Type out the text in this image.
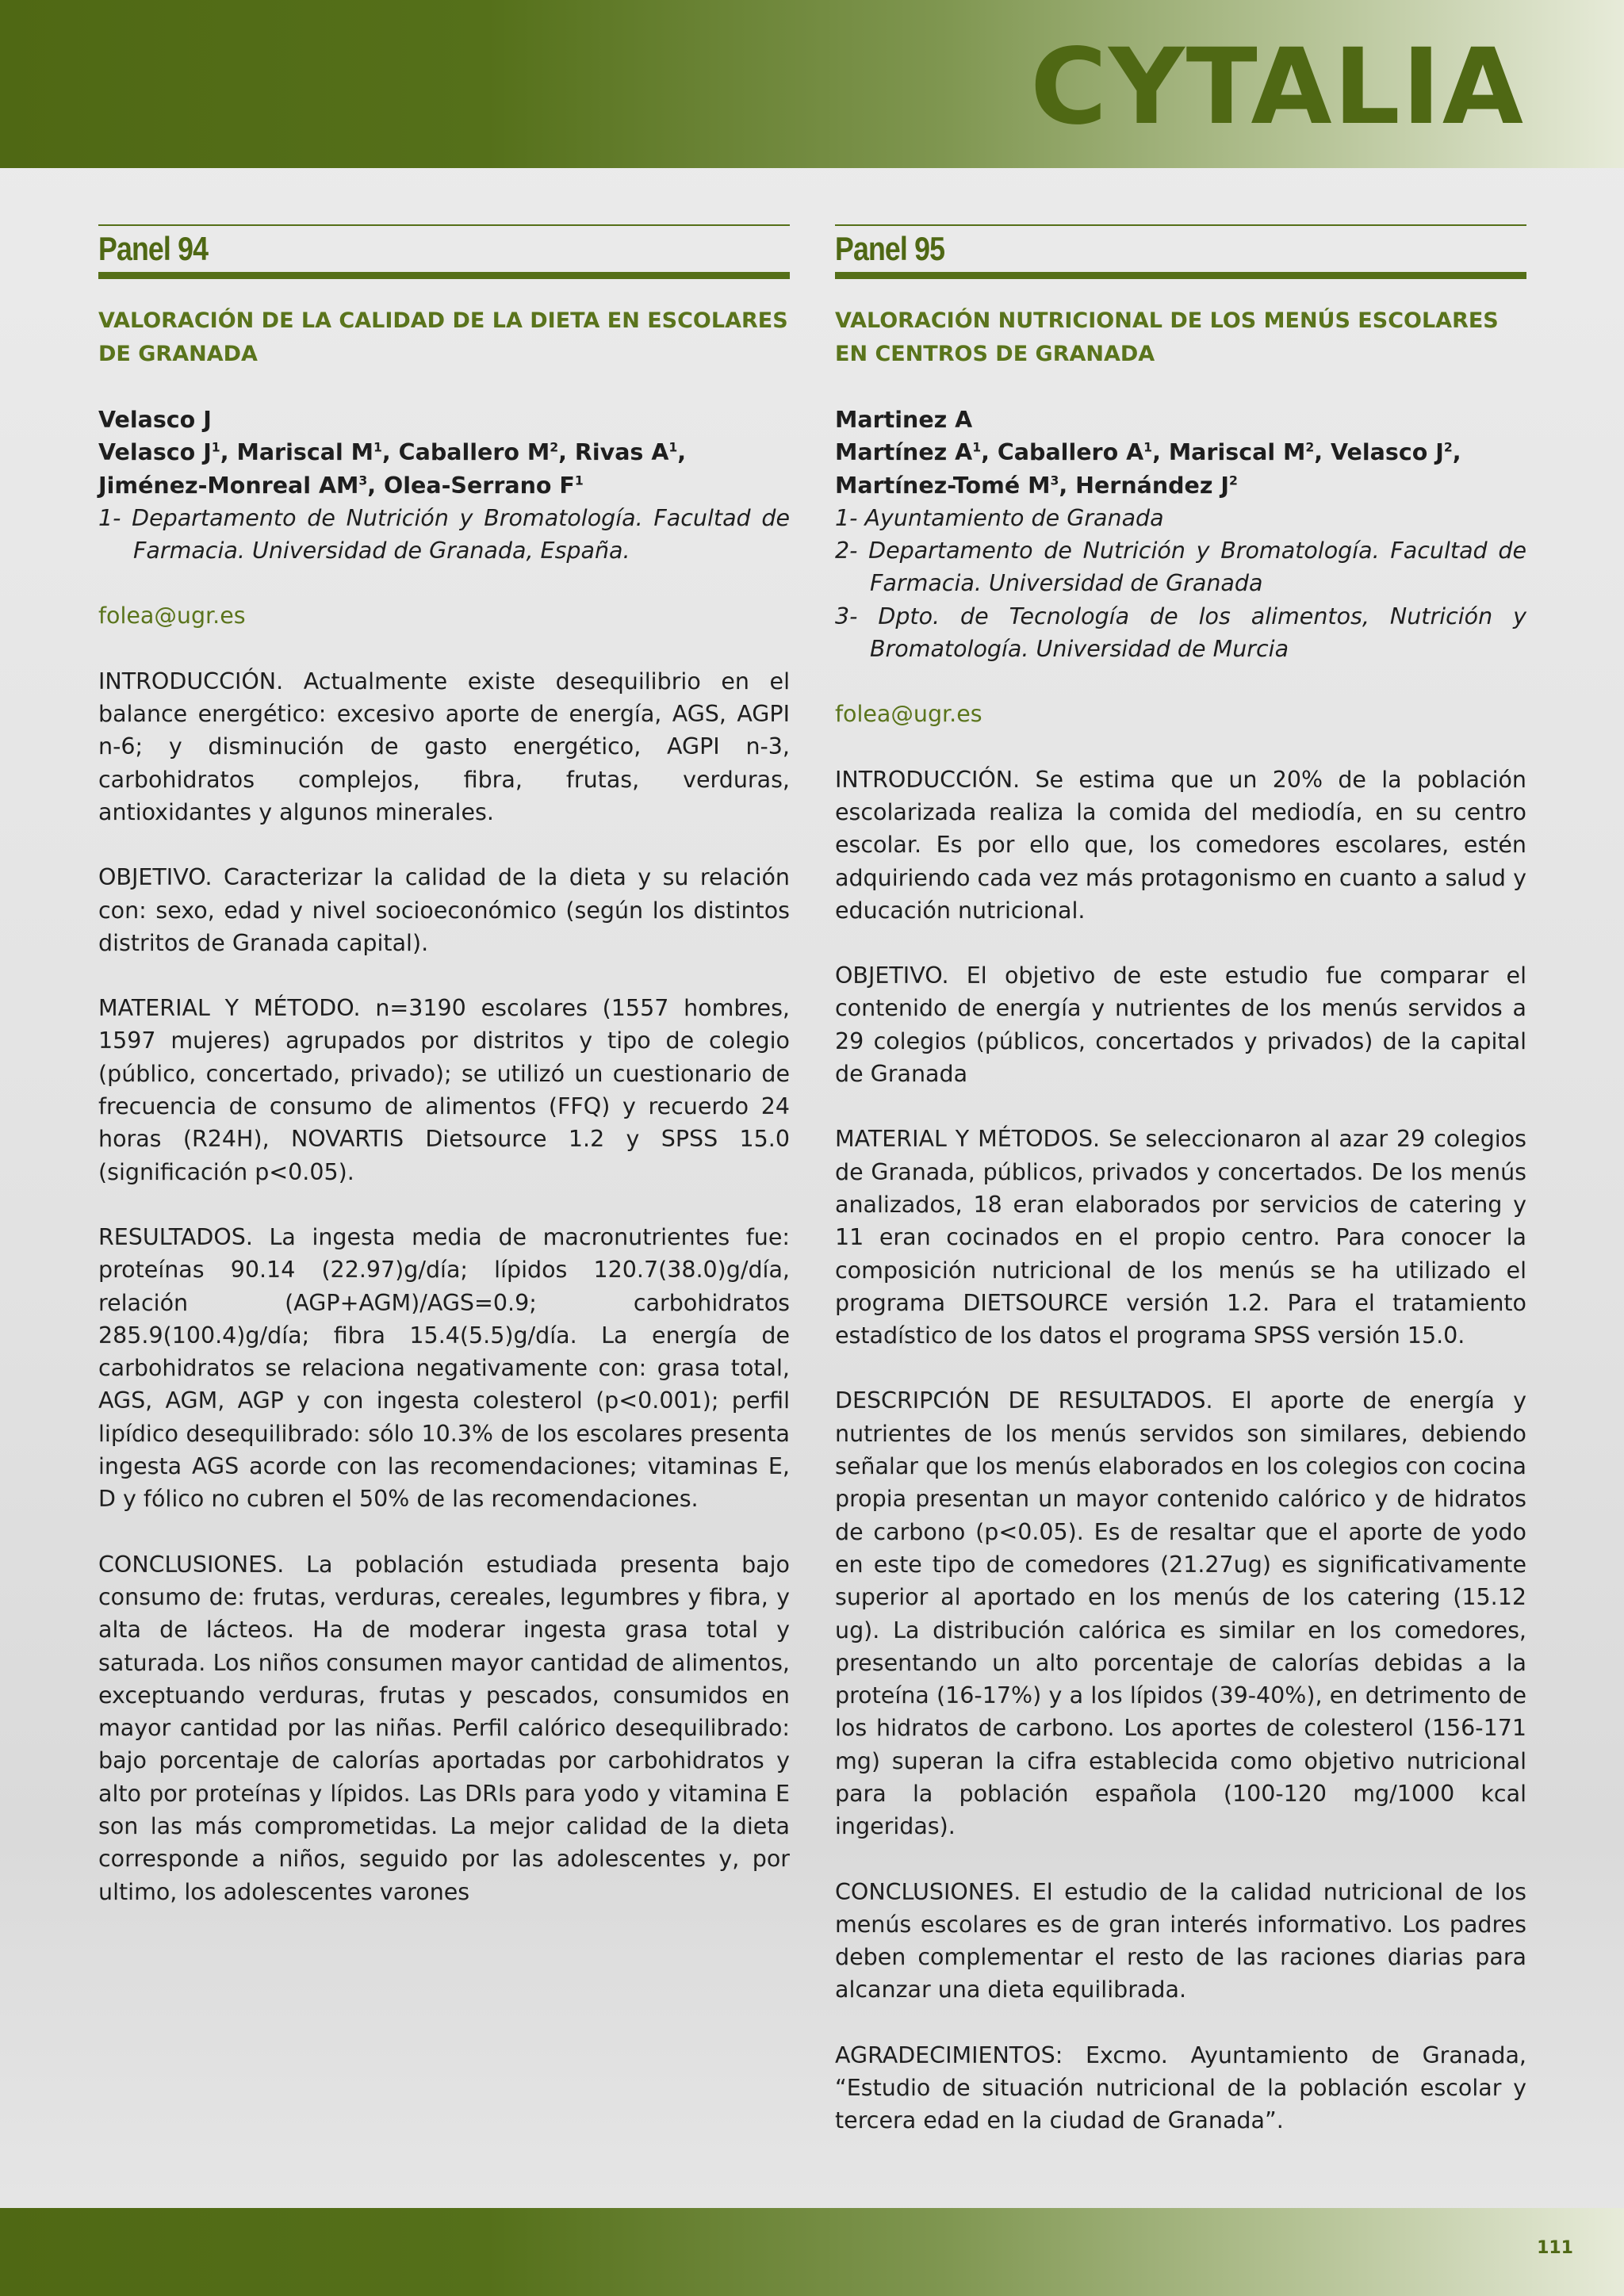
CYTALIA
Panel 94
VALORACIÓN DE LA CALIDAD DE LA DIETA EN ESCOLARES DE GRANADA
Velasco J
Velasco $J^1$, Mariscal $M^1$, Caballero $M^2$, Rivas $A^1$, Jiménez-Monreal $AM^3$, Olea-Serrano $F^1$
1- Departamento de Nutrición y Bromatología. Facultad de Farmacia. Universidad de Granada, España.
folea@ugr.es
INTRODUCCIÓN. Actualmente existe desequilibrio en el balance energético: excesivo aporte de energía, AGS, AGPI n-6; y disminución de gasto energético, AGPI n-3, carbohidratos complejos, fibra, frutas, verduras, antioxidantes y algunos minerales.
OBJETIVO. Caracterizar la calidad de la dieta y su relación con: sexo, edad y nivel socioeconómico (según los distintos distritos de Granada capital).
MATERIAL Y MÉTODO. n=3190 escolares (1557 hombres, 1597 mujeres) agrupados por distritos y tipo de colegio (público, concertado, privado); se utilizó un cuestionario de frecuencia de consumo de alimentos (FFQ) y recuerdo 24 horas (R24H), NOVARTIS Dietsource 1.2 y SPSS 15.0 (significación p<0.05).
RESULTADOS. La ingesta media de macronutrientes fue: proteínas 90.14 (22.97)g/día; lípidos 120.7(38.0)g/día, relación (AGP+AGM)/AGS=0.9; carbohidratos 285.9(100.4)g/día; fibra 15.4(5.5)g/día. La energía de carbohidratos se relaciona negativamente con: grasa total, AGS, AGM, AGP y con ingesta colesterol (p<0.001); perfil lipídico desequilibrado: sólo 10.3% de los escolares presenta ingesta AGS acorde con las recomendaciones; vitaminas E, D y fólico no cubren el 50% de las recomendaciones.
CONCLUSIONES. La población estudiada presenta bajo consumo de: frutas, verduras, cereales, legumbres y fibra, y alta de lácteos. Ha de moderar ingesta grasa total y saturada. Los niños consumen mayor cantidad de alimentos, exceptuando verduras, frutas y pescados, consumidos en mayor cantidad por las niñas. Perfil calórico desequilibrado: bajo porcentaje de calorías aportadas por carbohidratos y alto por proteínas y lípidos. Las DRIs para yodo y vitamina E son las más comprometidas. La mejor calidad de la dieta corresponde a niños, seguido por las adolescentes y, por ultimo, los adolescentes varones
Panel 95
VALORACIÓN NUTRICIONAL DE LOS MENÚS ESCOLARES EN CENTROS DE GRANADA
Martinez A
Martínez $A^1$, Caballero $A^1$, Mariscal $M^2$, Velasco $J^2$, Martínez-Tomé $M^3$, Hernández $J^2$
1- Ayuntamiento de Granada
2- Departamento de Nutrición y Bromatología. Facultad de Farmacia. Universidad de Granada
3- Dpto. de Tecnología de los alimentos, Nutrición y Bromatología. Universidad de Murcia
folea@ugr.es
INTRODUCCIÓN. Se estima que un 20% de la población escolarizada realiza la comida del mediodía, en su centro escolar. Es por ello que, los comedores escolares, estén adquiriendo cada vez más protagonismo en cuanto a salud y educación nutricional.
OBJETIVO. El objetivo de este estudio fue comparar el contenido de energía y nutrientes de los menús servidos a 29 colegios (públicos, concertados y privados) de la capital de Granada
MATERIAL Y MÉTODOS. Se seleccionaron al azar 29 colegios de Granada, públicos, privados y concertados. De los menús analizados, 18 eran elaborados por servicios de catering y 11 eran cocinados en el propio centro. Para conocer la composición nutricional de los menús se ha utilizado el programa DIETSOURCE versión 1.2. Para el tratamiento estadístico de los datos el programa SPSS versión 15.0.
DESCRIPCIÓN DE RESULTADOS. El aporte de energía y nutrientes de los menús servidos son similares, debiendo señalar que los menús elaborados en los colegios con cocina propia presentan un mayor contenido calórico y de hidratos de carbono (p<0.05). Es de resaltar que el aporte de yodo en este tipo de comedores (21.27ug) es significativamente superior al aportado en los menús de los catering (15.12 ug). La distribución calórica es similar en los comedores, presentando un alto porcentaje de calorías debidas a la proteína (16-17%) y a los lípidos (39-40%), en detrimento de los hidratos de carbono. Los aportes de colesterol (156-171 mg) superan la cifra establecida como objetivo nutricional para la población española (100-120 mg/1000 kcal ingeridas).
CONCLUSIONES. El estudio de la calidad nutricional de los menús escolares es de gran interés informativo. Los padres deben complementar el resto de las raciones diarias para alcanzar una dieta equilibrada.
AGRADECIMIENTOS: Excmo. Ayuntamiento de Granada, “Estudio de situación nutricional de la población escolar y tercera edad en la ciudad de Granada”.
111
